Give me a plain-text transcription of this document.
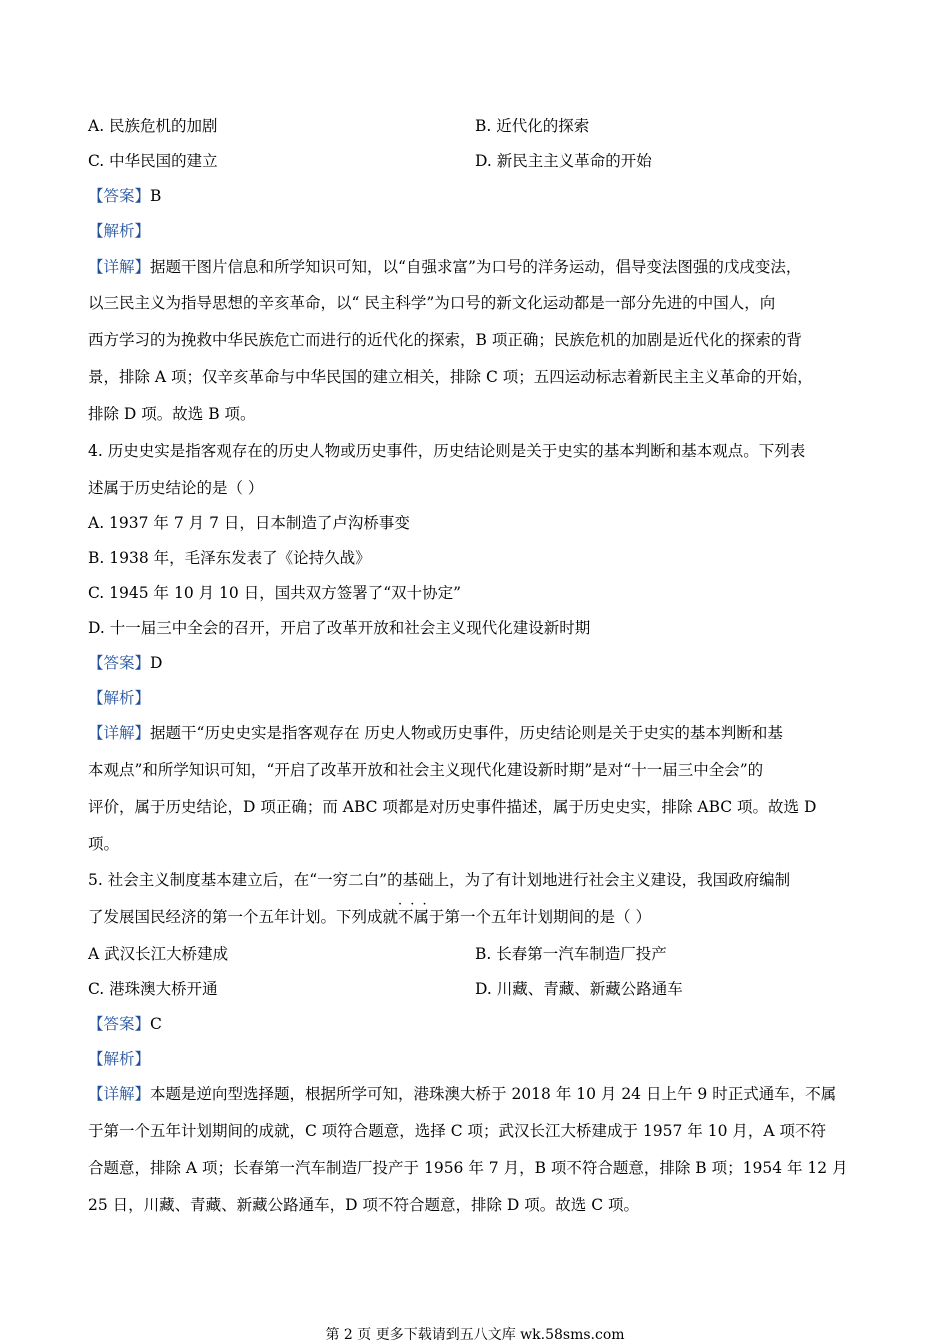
A. 民族危机的加剧	B. 近代化的探索
C. 中华民国的建立	D. 新民主主义革命的开始
【答案】B
【解析】
【详解】据题干图片信息和所学知识可知，以“自强求富”为口号的洋务运动，倡导变法图强的戊戌变法，
以三民主义为指导思想的辛亥革命，以“ 民主科学”为口号的新文化运动都是一部分先进的中国人，向
西方学习的为挽救中华民族危亡而进行的近代化的探索，B 项正确；民族危机的加剧是近代化的探索的背
景，排除 A 项；仅辛亥革命与中华民国的建立相关，排除 C 项；五四运动标志着新民主主义革命的开始，
排除 D 项。故选 B 项。
4. 历史史实是指客观存在的历史人物或历史事件，历史结论则是关于史实的基本判断和基本观点。下列表
述属于历史结论的是（ ）
A. 1937 年 7 月 7 日，日本制造了卢沟桥事变
B. 1938 年，毛泽东发表了《论持久战》
C. 1945 年 10 月 10 日，国共双方签署了“双十协定”
D. 十一届三中全会的召开，开启了改革开放和社会主义现代化建设新时期
【答案】D
【解析】
【详解】据题干“历史史实是指客观存在 历史人物或历史事件，历史结论则是关于史实的基本判断和基
本观点”和所学知识可知，“开启了改革开放和社会主义现代化建设新时期”是对“十一届三中全会”的
评价，属于历史结论，D 项正确；而 ABC 项都是对历史事件描述，属于历史史实，排除 ABC 项。故选 D
项。
5. 社会主义制度基本建立后，在“一穷二白”的基础上，为了有计划地进行社会主义建设，我国政府编制
了发展国民经济的第一个五年计划。下列成就· · · 不属于第一个五年计划期间的是（ ）
A 武汉长江大桥建成	B. 长春第一汽车制造厂投产
C. 港珠澳大桥开通	D. 川藏、青藏、新藏公路通车
【答案】C
【解析】
【详解】本题是逆向型选择题，根据所学可知，港珠澳大桥于 2018 年 10 月 24 日上午 9 时正式通车，不属
于第一个五年计划期间的成就，C 项符合题意，选择 C 项；武汉长江大桥建成于 1957 年 10 月，A 项不符
合题意，排除 A 项；长春第一汽车制造厂投产于 1956 年 7 月，B 项不符合题意，排除 B 项；1954 年 12 月
25 日，川藏、青藏、新藏公路通车，D 项不符合题意，排除 D 项。故选 C 项。
第 2 页 更多下载请到五八文库 wk.58sms.com
